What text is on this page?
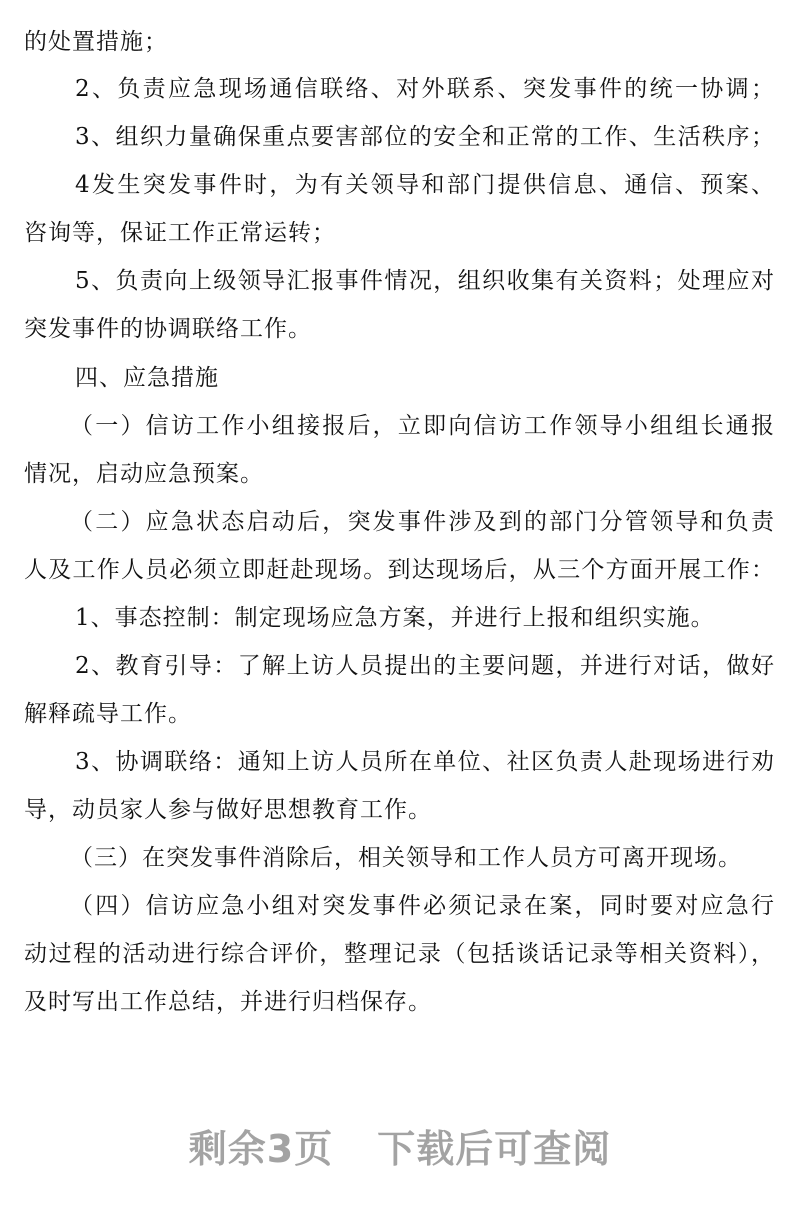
的处置措施；
2、负责应急现场通信联络、对外联系、突发事件的统一协调；
3、组织力量确保重点要害部位的安全和正常的工作、生活秩序；
4发生突发事件时，为有关领导和部门提供信息、通信、预案、
咨询等，保证工作正常运转；
5、负责向上级领导汇报事件情况，组织收集有关资料；处理应对
突发事件的协调联络工作。
四、应急措施
（一）信访工作小组接报后，立即向信访工作领导小组组长通报
情况，启动应急预案。
（二）应急状态启动后，突发事件涉及到的部门分管领导和负责
人及工作人员必须立即赶赴现场。到达现场后，从三个方面开展工作：
1、事态控制：制定现场应急方案，并进行上报和组织实施。
2、教育引导：了解上访人员提出的主要问题，并进行对话，做好
解释疏导工作。
3、协调联络：通知上访人员所在单位、社区负责人赴现场进行劝
导，动员家人参与做好思想教育工作。
（三）在突发事件消除后，相关领导和工作人员方可离开现场。
（四）信访应急小组对突发事件必须记录在案，同时要对应急行
动过程的活动进行综合评价，整理记录（包括谈话记录等相关资料），
及时写出工作总结，并进行归档保存。
剩余3页 下载后可查阅
